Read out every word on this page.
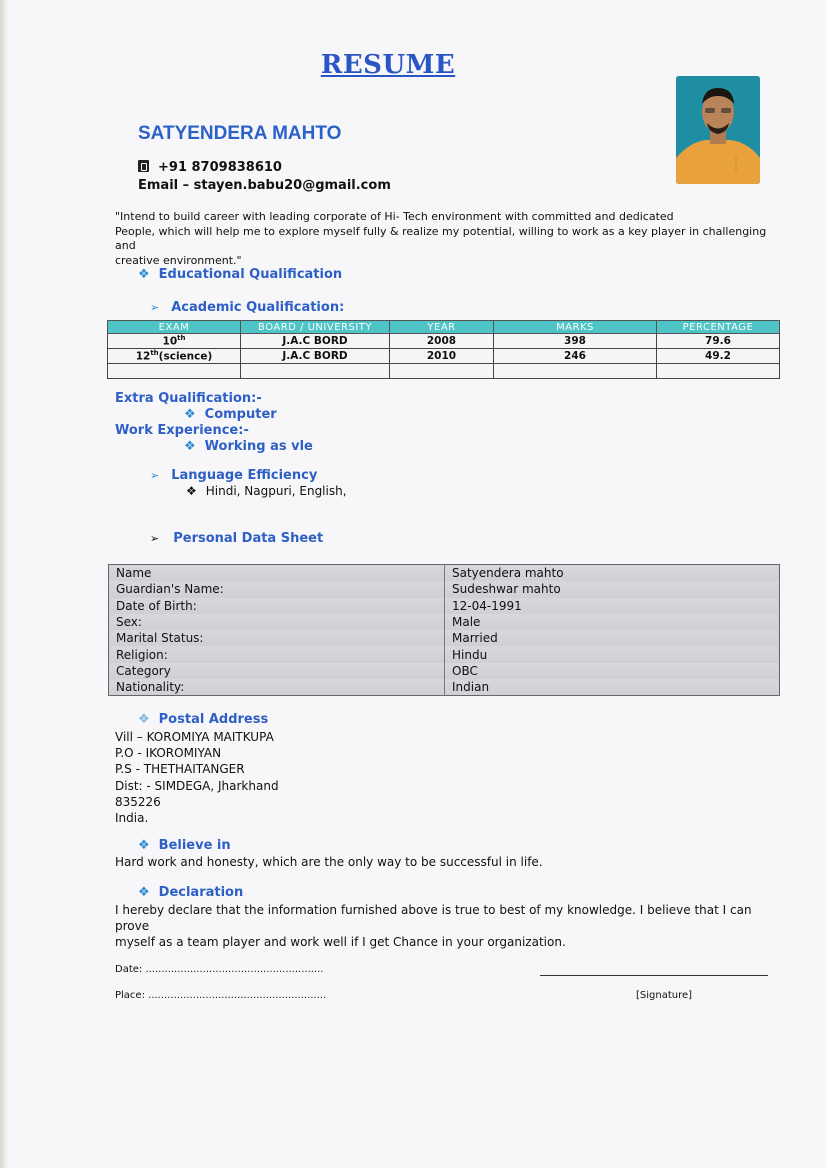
RESUME
SATYENDERA MAHTO
+91 8709838610
Email – stayen.babu20@gmail.com
"Intend to build career with leading corporate of Hi- Tech environment with committed and dedicated
People, which will help me to explore myself fully & realize my potential, willing to work as a key player in challenging and
creative environment."
❖ Educational Qualification
➢ Academic Qualification:
EXAM	BOARD / UNIVERSITY	YEAR	MARKS	PERCENTAGE
10th	J.A.C BORD	2008	398	79.6
12th(science)	J.A.C BORD	2010	246	49.2

Extra Qualification:-
❖ Computer
Work Experience:-
❖ Working as vle
➢ Language Efficiency
❖ Hindi, Nagpuri, English,
➢ Personal Data Sheet
Name	Satyendera mahto
Guardian's Name:	Sudeshwar mahto
Date of Birth:	12-04-1991
Sex:	Male
Marital Status:	Married
Religion:	Hindu
Category	OBC
Nationality:	Indian
❖ Postal Address
Vill – KOROMIYA MAITKUPA
P.O - IKOROMIYAN
P.S - THETHAITANGER
Dist: - SIMDEGA, Jharkhand
835226
India.
❖ Believe in
Hard work and honesty, which are the only way to be successful in life.
❖ Declaration
I hereby declare that the information furnished above is true to best of my knowledge. I believe that I can prove
myself as a team player and work well if I get Chance in your organization.
Date: ........................................................
Place: ........................................................	[Signature]
